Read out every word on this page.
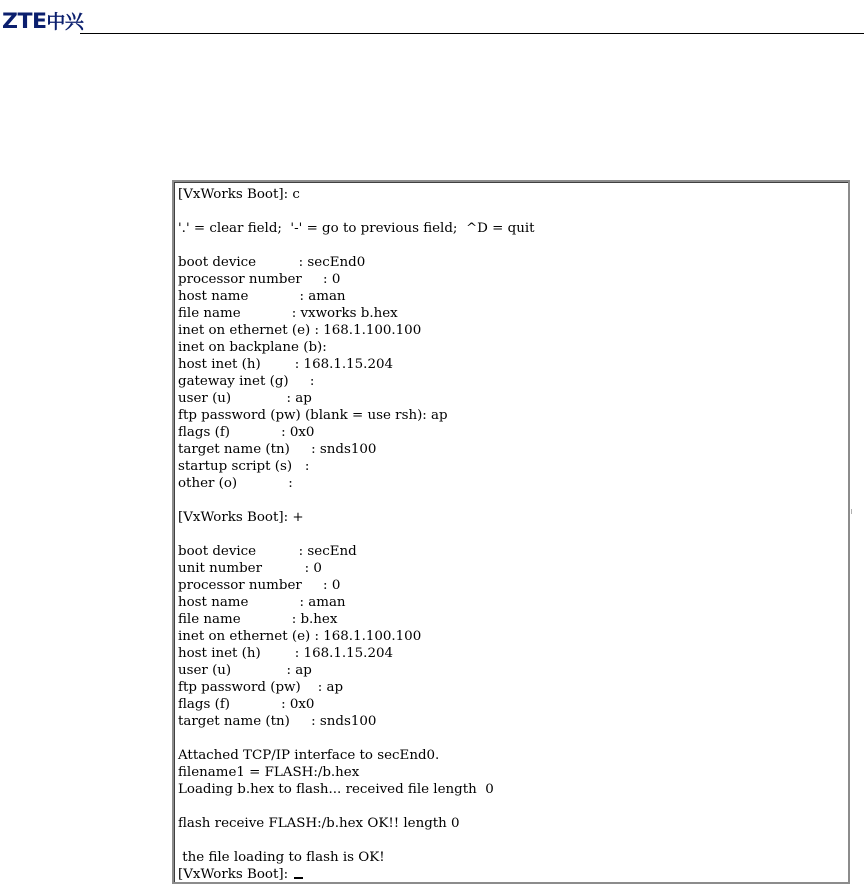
ZTE中兴
[VxWorks Boot]: c
'.' = clear field;  '-' = go to previous field;  ^D = quit
boot device          : secEnd0
processor number     : 0
host name            : aman
file name            : vxworks b.hex
inet on ethernet (e) : 168.1.100.100
inet on backplane (b):
host inet (h)        : 168.1.15.204
gateway inet (g)     :
user (u)             : ap
ftp password (pw) (blank = use rsh): ap
flags (f)            : 0x0
target name (tn)     : snds100
startup script (s)   :
other (o)            :
[VxWorks Boot]: +
boot device          : secEnd
unit number          : 0
processor number     : 0
host name            : aman
file name            : b.hex
inet on ethernet (e) : 168.1.100.100
host inet (h)        : 168.1.15.204
user (u)             : ap
ftp password (pw)    : ap
flags (f)            : 0x0
target name (tn)     : snds100
Attached TCP/IP interface to secEnd0.
filename1 = FLASH:/b.hex
Loading b.hex to flash... received file length  0
flash receive FLASH:/b.hex OK!! length 0
the file loading to flash is OK!
[VxWorks Boot]:
